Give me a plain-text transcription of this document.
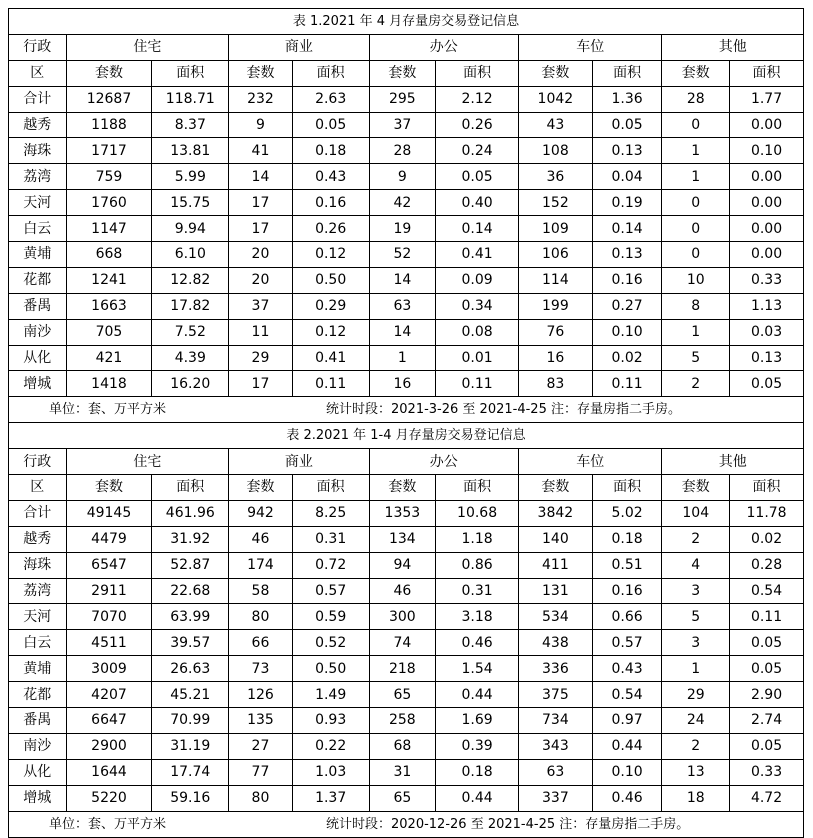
表 1.2021 年 4 月存量房交易登记信息										
行政	住宅		商业		办公		车位		其他	
区	套数	面积	套数	面积	套数	面积	套数	面积	套数	面积
合计	12687	118.71	232	2.63	295	2.12	1042	1.36	28	1.77
越秀	1188	8.37	9	0.05	37	0.26	43	0.05	0	0.00
海珠	1717	13.81	41	0.18	28	0.24	108	0.13	1	0.10
荔湾	759	5.99	14	0.43	9	0.05	36	0.04	1	0.00
天河	1760	15.75	17	0.16	42	0.40	152	0.19	0	0.00
白云	1147	9.94	17	0.26	19	0.14	109	0.14	0	0.00
黄埔	668	6.10	20	0.12	52	0.41	106	0.13	0	0.00
花都	1241	12.82	20	0.50	14	0.09	114	0.16	10	0.33
番禺	1663	17.82	37	0.29	63	0.34	199	0.27	8	1.13
南沙	705	7.52	11	0.12	14	0.08	76	0.10	1	0.03
从化	421	4.39	29	0.41	1	0.01	16	0.02	5	0.13
增城	1418	16.20	17	0.11	16	0.11	83	0.11	2	0.05
单位：套、万平方米 统计时段：2021-3-26 至 2021-4-25 注：存量房指二手房。										
表 2.2021 年 1-4 月存量房交易登记信息										
行政	住宅		商业		办公		车位		其他	
区	套数	面积	套数	面积	套数	面积	套数	面积	套数	面积
合计	49145	461.96	942	8.25	1353	10.68	3842	5.02	104	11.78
越秀	4479	31.92	46	0.31	134	1.18	140	0.18	2	0.02
海珠	6547	52.87	174	0.72	94	0.86	411	0.51	4	0.28
荔湾	2911	22.68	58	0.57	46	0.31	131	0.16	3	0.54
天河	7070	63.99	80	0.59	300	3.18	534	0.66	5	0.11
白云	4511	39.57	66	0.52	74	0.46	438	0.57	3	0.05
黄埔	3009	26.63	73	0.50	218	1.54	336	0.43	1	0.05
花都	4207	45.21	126	1.49	65	0.44	375	0.54	29	2.90
番禺	6647	70.99	135	0.93	258	1.69	734	0.97	24	2.74
南沙	2900	31.19	27	0.22	68	0.39	343	0.44	2	0.05
从化	1644	17.74	77	1.03	31	0.18	63	0.10	13	0.33
增城	5220	59.16	80	1.37	65	0.44	337	0.46	18	4.72
单位：套、万平方米 统计时段：2020-12-26 至 2021-4-25 注：存量房指二手房。										
